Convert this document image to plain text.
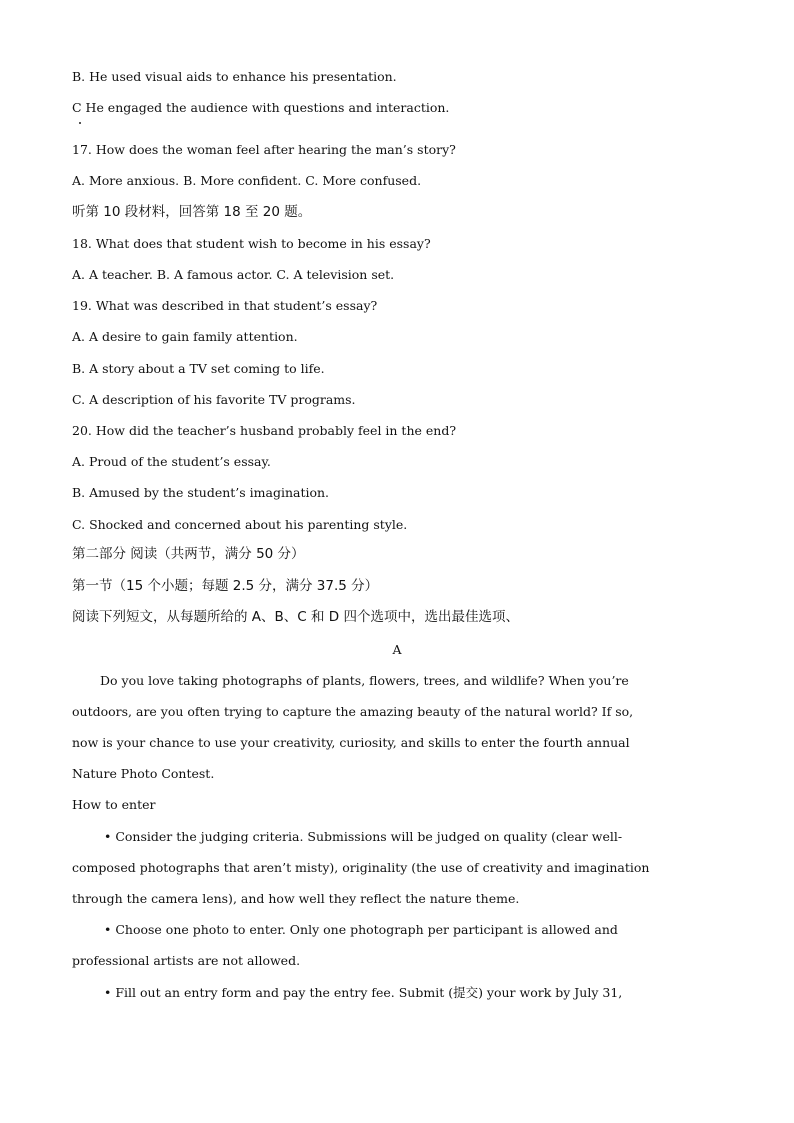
B. He used visual aids to enhance his presentation.

C He engaged the audience with questions and interaction.

17. How does the woman feel after hearing the man’s story?

A. More anxious. B. More confident. C. More confused.

听第 10 段材料，回答第 18 至 20 题。

18. What does that student wish to become in his essay?

A. A teacher. B. A famous actor. C. A television set.

19. What was described in that student’s essay?

A. A desire to gain family attention.

B. A story about a TV set coming to life.

C. A description of his favorite TV programs.

20. How did the teacher’s husband probably feel in the end?

A. Proud of the student’s essay.

B. Amused by the student’s imagination.

C. Shocked and concerned about his parenting style.

第二部分 阅读（共两节，满分 50 分）

第一节（15 个小题；每题 2.5 分，满分 37.5 分）

阅读下列短文，从每题所给的 A、B、C 和 D 四个选项中，选出最佳选项、

A

Do you love taking photographs of plants, flowers, trees, and wildlife? When you’re

outdoors, are you often trying to capture the amazing beauty of the natural world? If so,

now is your chance to use your creativity, curiosity, and skills to enter the fourth annual

Nature Photo Contest.

How to enter

• Consider the judging criteria. Submissions will be judged on quality (clear well-

composed photographs that aren’t misty), originality (the use of creativity and imagination

through the camera lens), and how well they reflect the nature theme.

• Choose one photo to enter. Only one photograph per participant is allowed and

professional artists are not allowed.

• Fill out an entry form and pay the entry fee. Submit (提交) your work by July 31,
